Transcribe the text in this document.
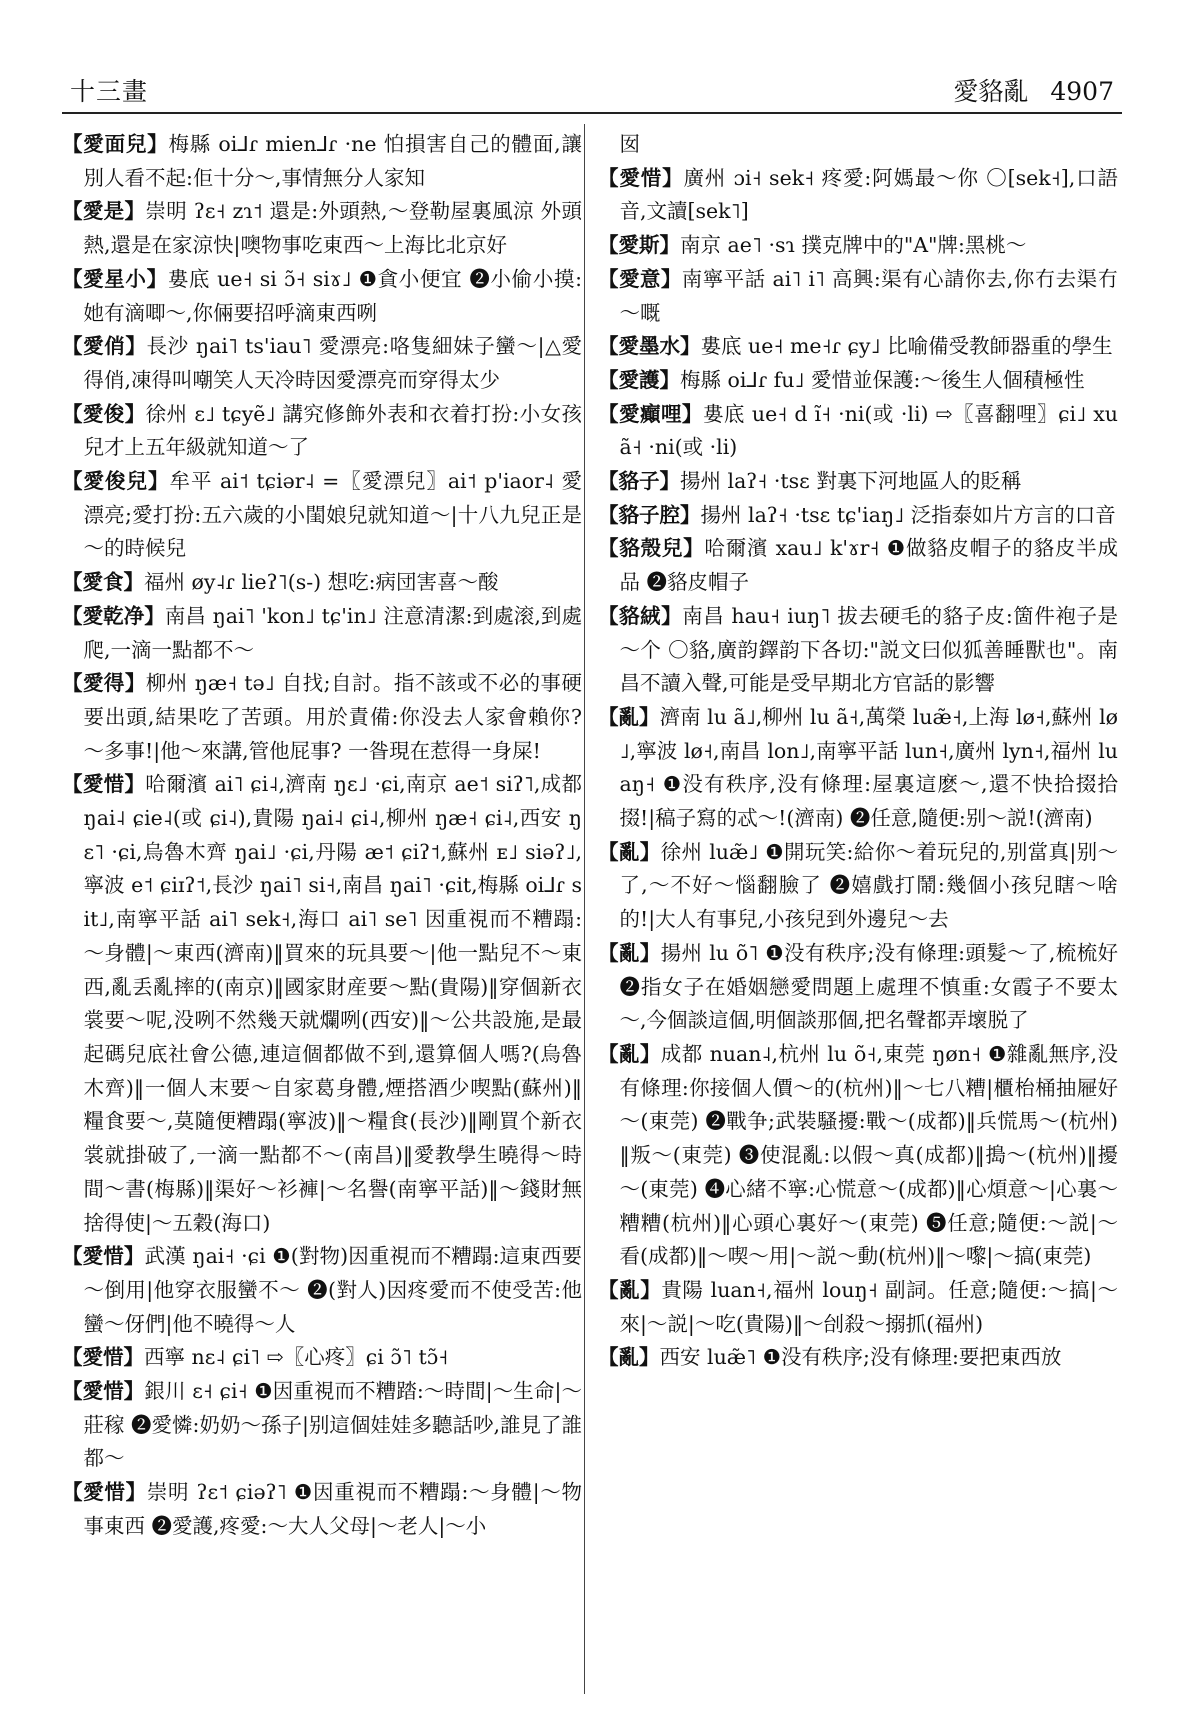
十三畫	愛貉亂 4907

【愛面兒】梅縣 oi⅃ɾ mien⅃ɾ ·ne 怕損害自己的體面,讓別人看不起:佢十分～,事情無分人家知

【愛是】崇明 ʔɛ˧ zɿ˦ 還是:外頭熱,～登勒屋裏風涼 外頭熱,還是在家涼快|噢物事吃東西～上海比北京好

【愛星小】婁底 ue˧ si ɔ̃˧ siɤ˩ ❶貪小便宜 ❷小偷小摸:她有滴唧～,你倆要招呼滴東西咧

【愛俏】長沙 ŋai˥ ts'iau˥ 愛漂亮:咯隻細妹子蠻～|△愛得俏,凍得叫嘲笑人天冷時因愛漂亮而穿得太少

【愛俊】徐州 ɛ˩ tɕyẽ˩ 講究修飾外表和衣着打扮:小女孩兒才上五年級就知道～了

【愛俊兒】牟平 ai˦ tɕiər˨ =〖愛漂兒〗ai˦ p'iaor˨ 愛漂亮;愛打扮:五六歲的小閨娘兒就知道～|十八九兒正是～的時候兒

【愛食】福州 øy˨ɾ lieʔ˥(s-) 想吃:病団害喜～酸

【愛乾净】南昌 ŋai˥ 'kon˩ tɕ'in˩ 注意清潔:到處滚,到處爬,一滴一點都不～

【愛得】柳州 ŋæ˧ tə˩ 自找;自討。指不該或不必的事硬要出頭,結果吃了苦頭。用於責備:你没去人家會賴你? ～多事!|他～來講,管他屁事? 一昝現在惹得一身屎!

【愛惜】哈爾濱 ai˥ ɕi˨,濟南 ŋɛ˩ ·ɕi,南京 ae˦ siʔ˥,成都 ŋai˨ ɕie˨(或 ɕi˨),貴陽 ŋai˨ ɕi˨,柳州 ŋæ˧ ɕi˨,西安 ŋɛ˥ ·ɕi,烏魯木齊 ŋai˩ ·ɕi,丹陽 æ˦ ɕiʔ˦,蘇州 ᴇ˩ siəʔ˩,寧波 e˦ ɕiɪʔ˦,長沙 ŋai˥ si˧,南昌 ŋai˥ ·ɕit,梅縣 oi⅃ɾ sit˩,南寧平話 ai˥ sek˧,海口 ai˥ se˥ 因重視而不糟蹋:～身體|～東西(濟南)‖買來的玩具要～|他一點兒不～東西,亂丢亂摔的(南京)‖國家財産要～點(貴陽)‖穿個新衣裳要～呢,没咧不然幾天就爛咧(西安)‖～公共設施,是最起碼兒底社會公德,連這個都做不到,還算個人嗎?(烏魯木齊)‖一個人末要～自家葛身體,煙搭酒少喫點(蘇州)‖糧食要～,莫隨便糟蹋(寧波)‖～糧食(長沙)‖剛買个新衣裳就掛破了,一滴一點都不～(南昌)‖愛教學生曉得～時間～書(梅縣)‖渠好～衫褲|～名譽(南寧平話)‖～錢財無捨得使|～五穀(海口)

【愛惜】武漢 ŋai˧ ·ɕi ❶(對物)因重視而不糟蹋:這東西要～倒用|他穿衣服蠻不～ ❷(對人)因疼愛而不使受苦:他蠻～伢們|他不曉得～人

【愛惜】西寧 nɛ˨ ɕi˥ ⇨〖心疼〗ɕi ɔ̃˥ tɔ̃˧

【愛惜】銀川 ɛ˧ ɕi˧ ❶因重視而不糟踏:～時間|～生命|～莊稼 ❷愛憐:奶奶～孫子|别這個娃娃多聽話吵,誰見了誰都～

【愛惜】崇明 ʔɛ˦ ɕiəʔ˥ ❶因重視而不糟蹋:～身體|～物事東西 ❷愛護,疼愛:～大人父母|～老人|～小

囡

【愛惜】廣州 ɔi˧ sek˧ 疼愛:阿媽最～你 〇[sek˧],口語音,文讀[sek˥]

【愛斯】南京 ae˥ ·sɿ 撲克牌中的"A"牌:黑桃～

【愛意】南寧平話 ai˥ i˥ 高興:渠有心請你去,你冇去渠冇～嘅

【愛墨水】婁底 ue˧ me˧ɾ ɕy˩ 比喻備受教師器重的學生

【愛護】梅縣 oi⅃ɾ fu˩ 愛惜並保護:～後生人個積極性

【愛癲哩】婁底 ue˧ d ĩ˧ ·ni(或 ·li) ⇨〖喜翻哩〗ɕi˩ xu ã˧ ·ni(或 ·li)

【貉子】揚州 laʔ˧ ·tsɛ 對裏下河地區人的貶稱

【貉子腔】揚州 laʔ˧ ·tsɛ tɕ'iaŋ˩ 泛指泰如片方言的口音

【貉殼兒】哈爾濱 xau˩ k'ɤr˧ ❶做貉皮帽子的貉皮半成品 ❷貉皮帽子

【貉絨】南昌 hau˧ iuŋ˥ 拔去硬毛的貉子皮:箇件袍子是～个 〇貉,廣韵鐸韵下各切:"説文曰似狐善睡獸也"。南昌不讀入聲,可能是受早期北方官話的影響

【亂】濟南 lu ã˩,柳州 lu ã˧,萬榮 luæ̃˧,上海 lø˧,蘇州 lø˩,寧波 lø˧,南昌 lon˩,南寧平話 lun˧,廣州 lyn˧,福州 luaŋ˧ ❶没有秩序,没有條理:屋裏這麽～,還不快拾掇拾掇!|稿子寫的忒～!(濟南) ❷任意,隨便:别～説!(濟南)

【亂】徐州 luæ̃˩ ❶開玩笑:給你～着玩兒的,别當真|别～了,～不好～惱翻臉了 ❷嬉戲打鬧:幾個小孩兒瞎～啥的!|大人有事兒,小孩兒到外邊兒～去

【亂】揚州 lu õ˥ ❶没有秩序;没有條理:頭髮～了,梳梳好 ❷指女子在婚姻戀愛問題上處理不慎重:女霞子不要太～,今個談這個,明個談那個,把名聲都弄壞脱了

【亂】成都 nuan˨,杭州 lu õ˧,東莞 ŋøn˧ ❶雜亂無序,没有條理:你接個人價～的(杭州)‖～七八糟|櫃枱桶抽屜好～(東莞) ❷戰争;武裝騷擾:戰～(成都)‖兵慌馬～(杭州)‖叛～(東莞) ❸使混亂:以假～真(成都)‖搗～(杭州)‖擾～(東莞) ❹心緒不寧:心慌意～(成都)‖心煩意～|心裏～糟糟(杭州)‖心頭心裏好～(東莞) ❺任意;隨便:～説|～看(成都)‖～喫～用|～説～動(杭州)‖～嚟|～搞(東莞)

【亂】貴陽 luan˧,福州 louŋ˧ 副詞。任意;隨便:～搞|～來|～説|～吃(貴陽)‖～刣殺～搦抓(福州)

【亂】西安 luæ̃˥ ❶没有秩序;没有條理:要把東西放
